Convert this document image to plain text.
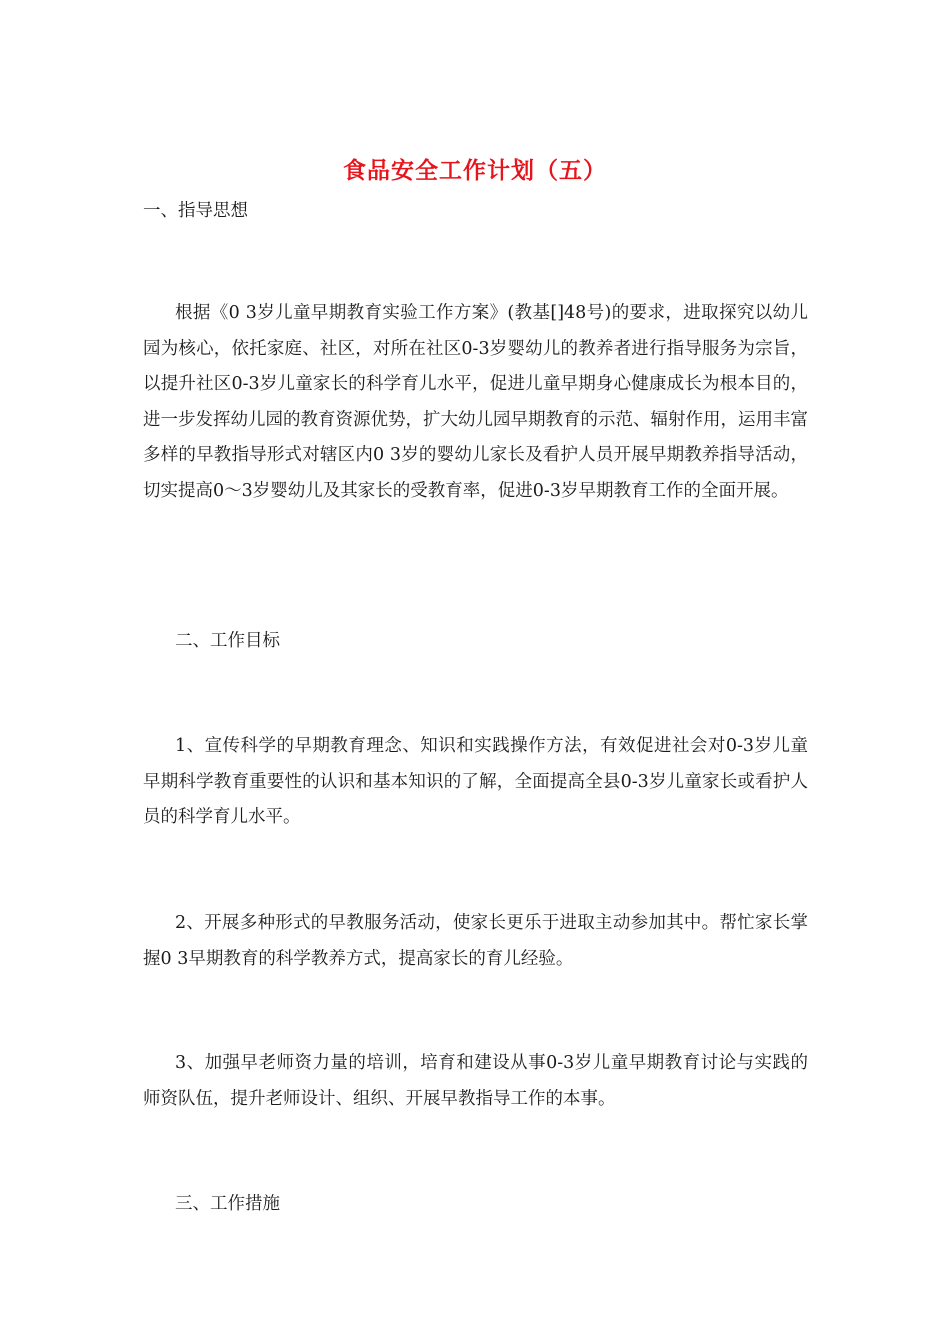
食品安全工作计划（五）
一、指导思想

根据《0 3岁儿童早期教育实验工作方案》(教基[]48号)的要求，进取探究以幼儿园为核心，依托家庭、社区，对所在社区0-3岁婴幼儿的教养者进行指导服务为宗旨，以提升社区0-3岁儿童家长的科学育儿水平，促进儿童早期身心健康成长为根本目的，进一步发挥幼儿园的教育资源优势，扩大幼儿园早期教育的示范、辐射作用，运用丰富多样的早教指导形式对辖区内0 3岁的婴幼儿家长及看护人员开展早期教养指导活动，切实提高0～3岁婴幼儿及其家长的受教育率，促进0-3岁早期教育工作的全面开展。

二、工作目标

1、宣传科学的早期教育理念、知识和实践操作方法，有效促进社会对0-3岁儿童早期科学教育重要性的认识和基本知识的了解，全面提高全县0-3岁儿童家长或看护人员的科学育儿水平。

2、开展多种形式的早教服务活动，使家长更乐于进取主动参加其中。帮忙家长掌握0 3早期教育的科学教养方式，提高家长的育儿经验。

3、加强早老师资力量的培训，培育和建设从事0-3岁儿童早期教育讨论与实践的师资队伍，提升老师设计、组织、开展早教指导工作的本事。

三、工作措施
